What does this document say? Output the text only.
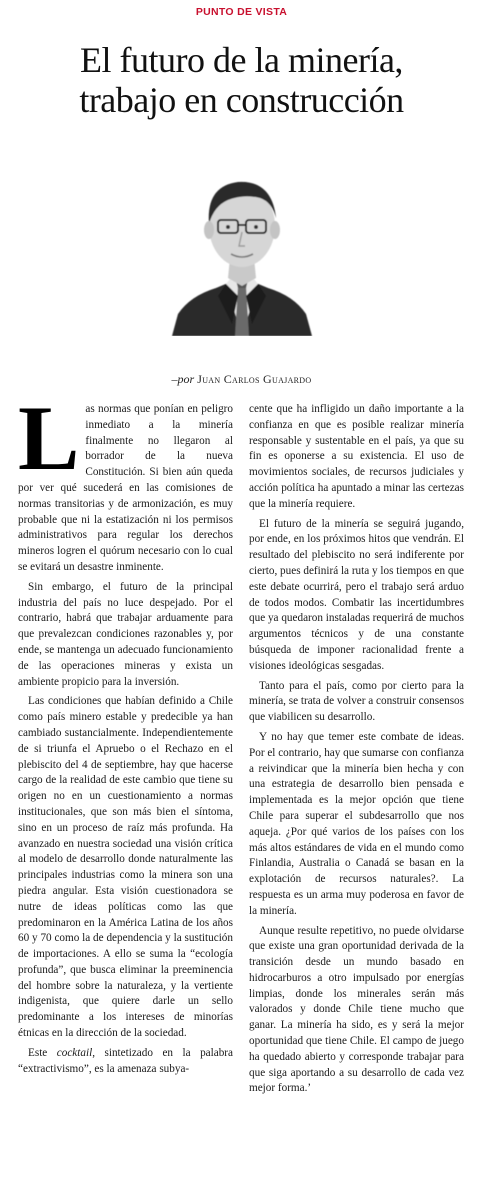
PUNTO DE VISTA
El futuro de la minería,
trabajo en construcción
–por Juan Carlos Guajardo

Las normas que ponían en peligro inmediato a la minería finalmente no llegaron al borrador de la nueva Constitución. Si bien aún queda por ver qué sucederá en las comisiones de normas transitorias y de armonización, es muy probable que ni la estatización ni los permisos administrativos para regular los derechos mineros logren el quórum necesario con lo cual se evitará un desastre inminente.

Sin embargo, el futuro de la principal industria del país no luce despejado. Por el contrario, habrá que trabajar arduamente para que prevalezcan condiciones razonables y, por ende, se mantenga un adecuado funcionamiento de las operaciones mineras y exista un ambiente propicio para la inversión.

Las condiciones que habían definido a Chile como país minero estable y predecible ya han cambiado sustancialmente. Independientemente de si triunfa el Apruebo o el Rechazo en el plebiscito del 4 de septiembre, hay que hacerse cargo de la realidad de este cambio que tiene su origen no en un cuestionamiento a normas institucionales, que son más bien el síntoma, sino en un proceso de raíz más profunda. Ha avanzado en nuestra sociedad una visión crítica al modelo de desarrollo donde naturalmente las principales industrias como la minera son una piedra angular. Esta visión cuestionadora se nutre de ideas políticas como las que predominaron en la América Latina de los años 60 y 70 como la de dependencia y la sustitución de importaciones. A ello se suma la “ecología profunda”, que busca eliminar la preeminencia del hombre sobre la naturaleza, y la vertiente indigenista, que quiere darle un sello predominante a los intereses de minorías étnicas en la dirección de la sociedad.

Este cocktail, sintetizado en la palabra “extractivismo”, es la amenaza subya-

cente que ha infligido un daño importante a la confianza en que es posible realizar minería responsable y sustentable en el país, ya que su fin es oponerse a su existencia. El uso de movimientos sociales, de recursos judiciales y acción política ha apuntado a minar las certezas que la minería requiere.

El futuro de la minería se seguirá jugando, por ende, en los próximos hitos que vendrán. El resultado del plebiscito no será indiferente por cierto, pues definirá la ruta y los tiempos en que este debate ocurrirá, pero el trabajo será arduo de todos modos. Combatir las incertidumbres que ya quedaron instaladas requerirá de muchos argumentos técnicos y de una constante búsqueda de imponer racionalidad frente a visiones ideológicas sesgadas.

Tanto para el país, como por cierto para la minería, se trata de volver a construir consensos que viabilicen su desarrollo.

Y no hay que temer este combate de ideas. Por el contrario, hay que sumarse con confianza a reivindicar que la minería bien hecha y con una estrategia de desarrollo bien pensada e implementada es la mejor opción que tiene Chile para superar el subdesarrollo que nos aqueja. ¿Por qué varios de los países con los más altos estándares de vida en el mundo como Finlandia, Australia o Canadá se basan en la explotación de recursos naturales?. La respuesta es un arma muy poderosa en favor de la minería.

Aunque resulte repetitivo, no puede olvidarse que existe una gran oportunidad derivada de la transición desde un mundo basado en hidrocarburos a otro impulsado por energías limpias, donde los minerales serán más valorados y donde Chile tiene mucho que ganar. La minería ha sido, es y será la mejor oportunidad que tiene Chile. El campo de juego ha quedado abierto y corresponde trabajar para que siga aportando a su desarrollo de cada vez mejor forma.’
